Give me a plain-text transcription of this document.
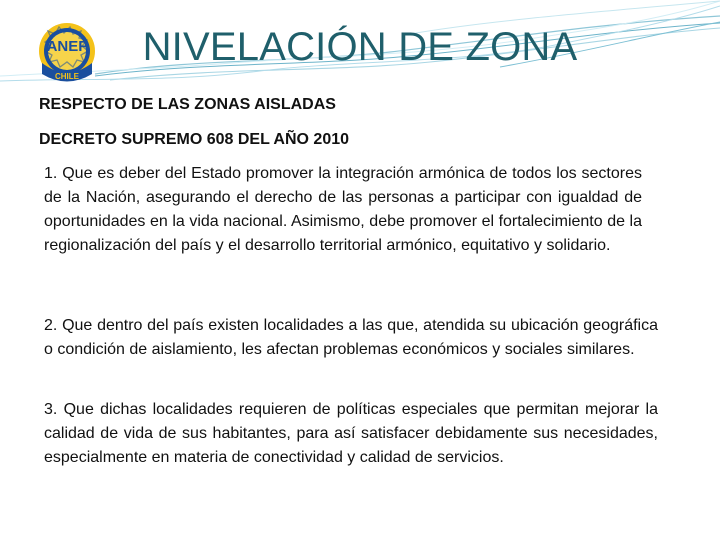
ANEF
CHILE
NIVELACIÓN DE ZONA
RESPECTO DE LAS ZONAS AISLADAS
DECRETO SUPREMO 608 DEL AÑO 2010

1. Que es deber del Estado promover la integración armónica de todos los sectores de la Nación, asegurando el derecho de las personas a participar con igualdad de oportunidades en la vida nacional. Asimismo, debe promover el fortalecimiento de la regionalización del país y el desarrollo territorial armónico, equitativo y solidario.

2. Que dentro del país existen localidades a las que, atendida su ubicación geográfica o condición de aislamiento, les afectan problemas económicos y sociales similares.

3. Que dichas localidades requieren de políticas especiales que permitan mejorar la calidad de vida de sus habitantes, para así satisfacer debidamente sus necesidades, especialmente en materia de conectividad y calidad de servicios.
